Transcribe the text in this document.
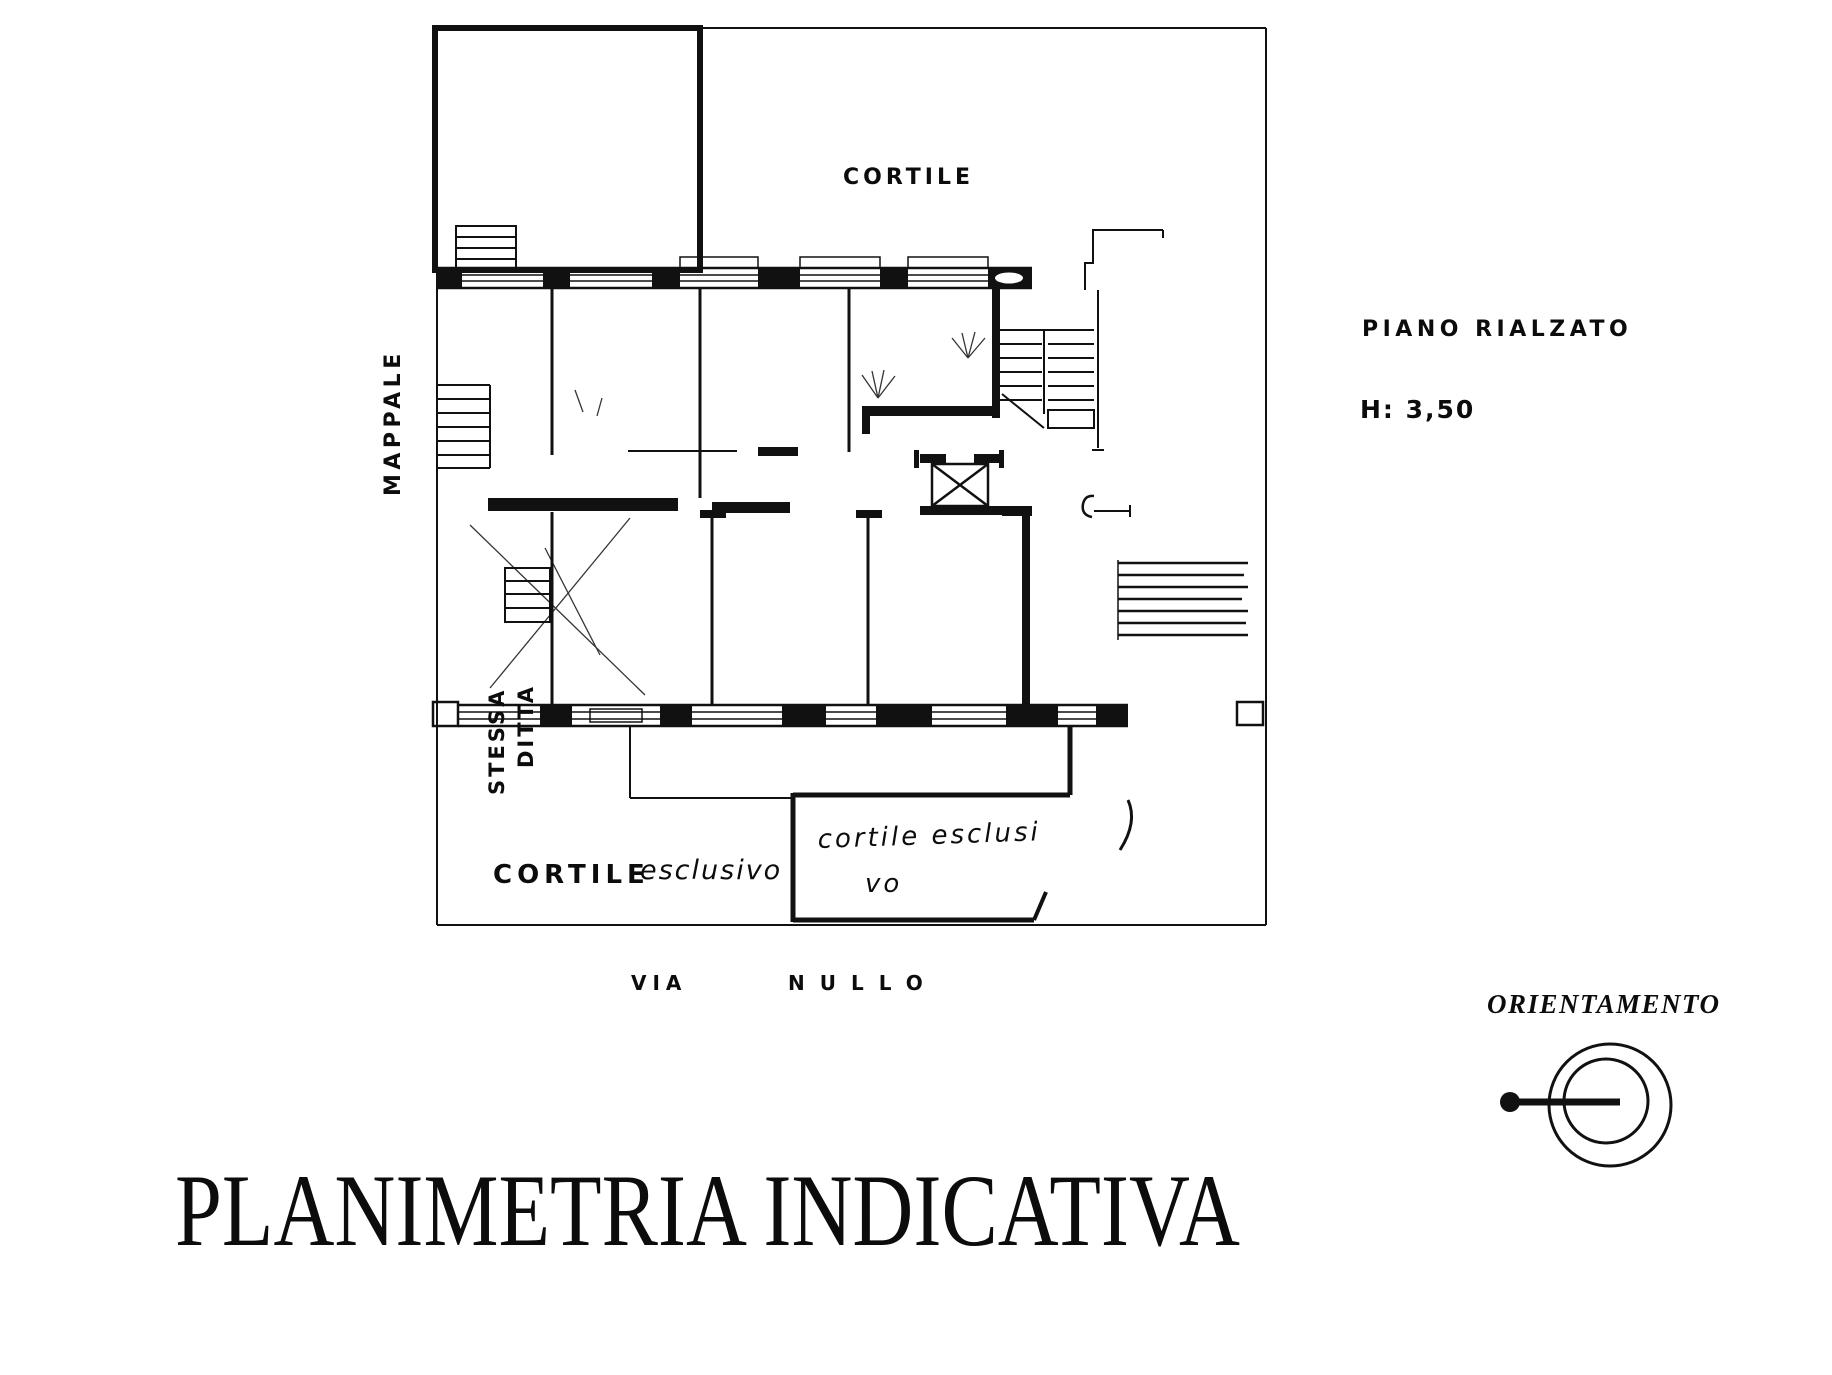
CORTILE
MAPPALE
STESSA DITTA
CORTILE
esclusivo
cortile esclusi
vo
PIANO RIALZATO
H: 3,50
VIA	NULLO
ORIENTAMENTO
PLANIMETRIA INDICATIVA
